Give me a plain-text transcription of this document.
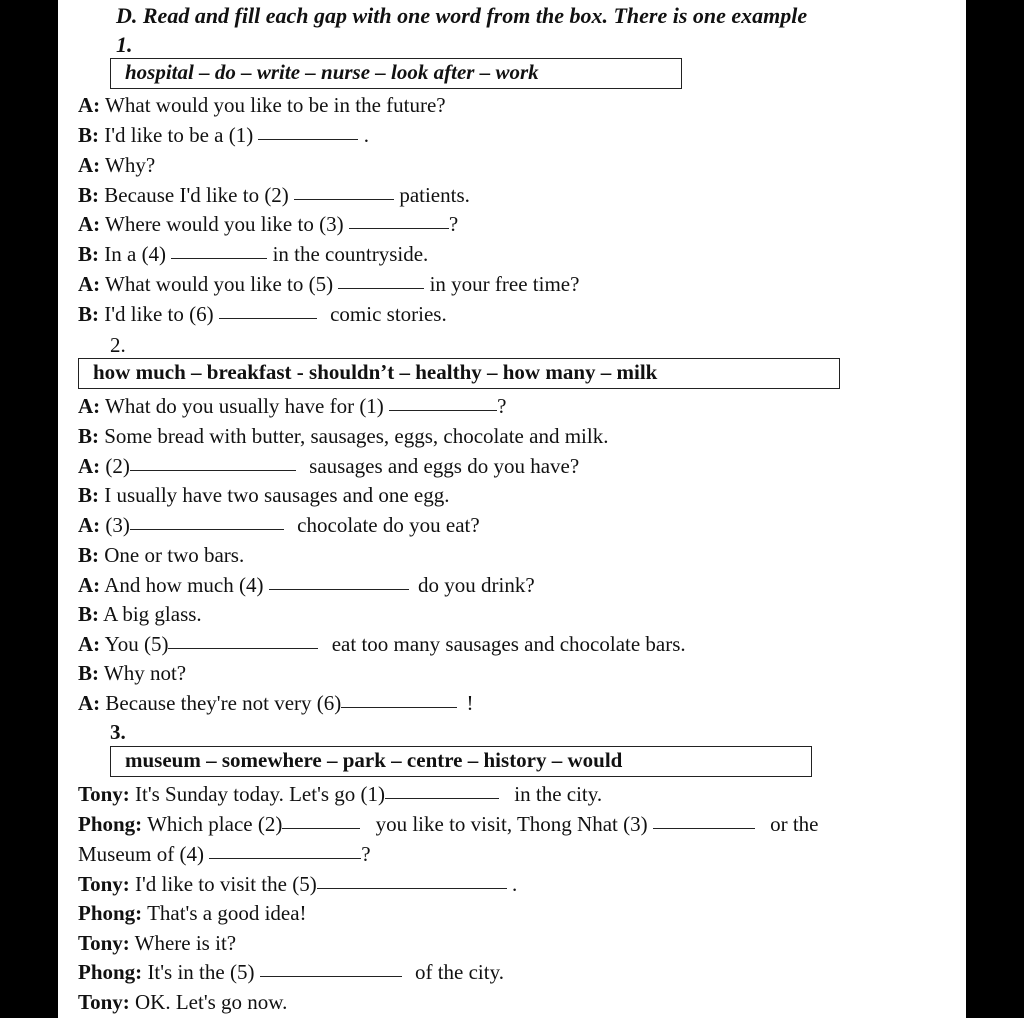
D. Read and fill each gap with one word from the box. There is one example
1.
hospital – do – write – nurse – look after – work
A: What would you like to be in the future?
B: I'd like to be a (1)	.
A: Why?
B: Because I'd like to (2)	patients.
A: Where would you like to (3)	?
B: In a (4)	in the countryside.
A: What would you like to (5)	in your free time?
B: I'd like to (6)	comic stories.
2.
how much – breakfast - shouldn’t – healthy – how many – milk
A: What do you usually have for (1)	?
B: Some bread with butter, sausages, eggs, chocolate and milk.
A: (2)	sausages and eggs do you have?
B: I usually have two sausages and one egg.
A: (3)	chocolate do you eat?
B: One or two bars.
A: And how much (4)	do you drink?
B: A big glass.
A: You (5)	eat too many sausages and chocolate bars.
B: Why not?
A: Because they're not very (6)	!
3.
museum – somewhere – park – centre – history – would
Tony: It's Sunday today. Let's go (1)	in the city.
Phong: Which place (2)	you like to visit, Thong Nhat (3)	or the
Museum of (4)	?
Tony: I'd like to visit the (5)	.
Phong: That's a good idea!
Tony: Where is it?
Phong: It's in the (5)	of the city.
Tony: OK. Let's go now.
